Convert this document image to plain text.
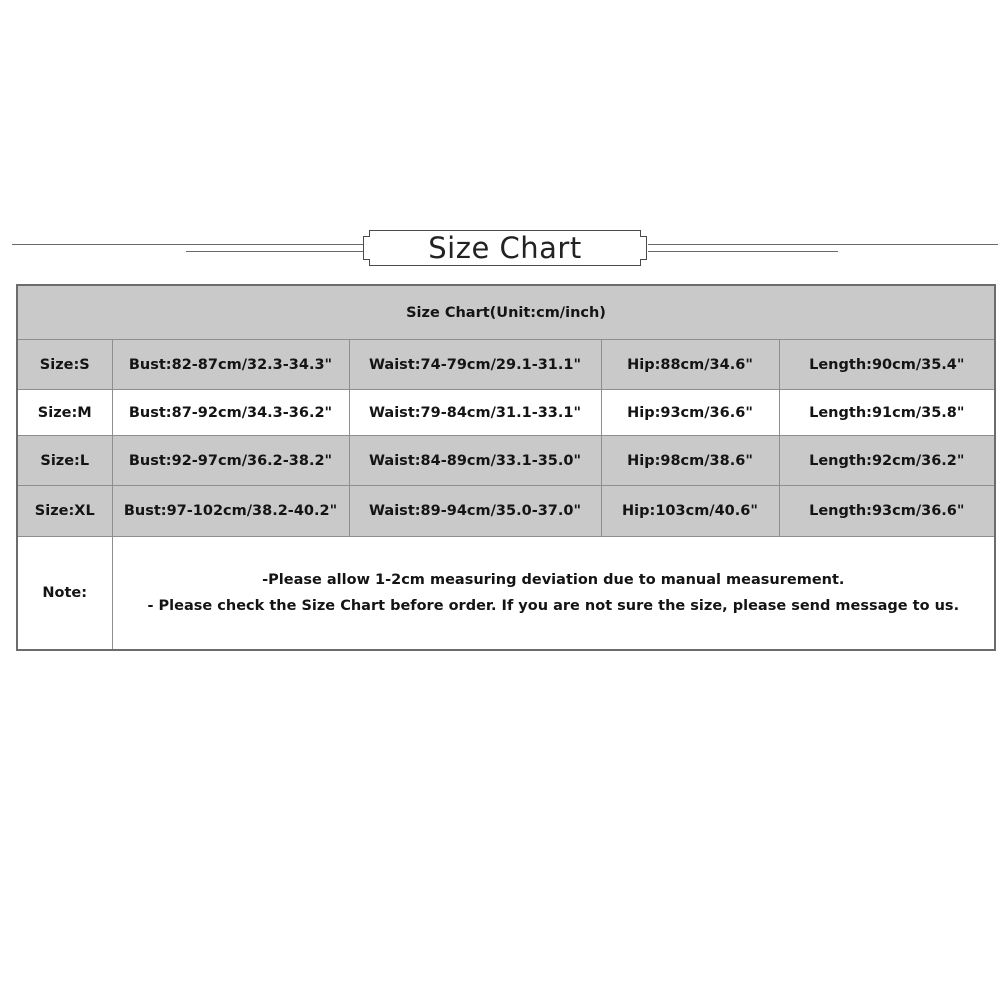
Size Chart
Size Chart(Unit:cm/inch)				
Size:S	Bust:82-87cm/32.3-34.3"	Waist:74-79cm/29.1-31.1"	Hip:88cm/34.6"	Length:90cm/35.4"
Size:M	Bust:87-92cm/34.3-36.2"	Waist:79-84cm/31.1-33.1"	Hip:93cm/36.6"	Length:91cm/35.8"
Size:L	Bust:92-97cm/36.2-38.2"	Waist:84-89cm/33.1-35.0"	Hip:98cm/38.6"	Length:92cm/36.2"
Size:XL	Bust:97-102cm/38.2-40.2"	Waist:89-94cm/35.0-37.0"	Hip:103cm/40.6"	Length:93cm/36.6"
Note:	-Please allow 1-2cm measuring deviation due to manual measurement.
- Please check the Size Chart before order. If you are not sure the size, please send message to us.			
